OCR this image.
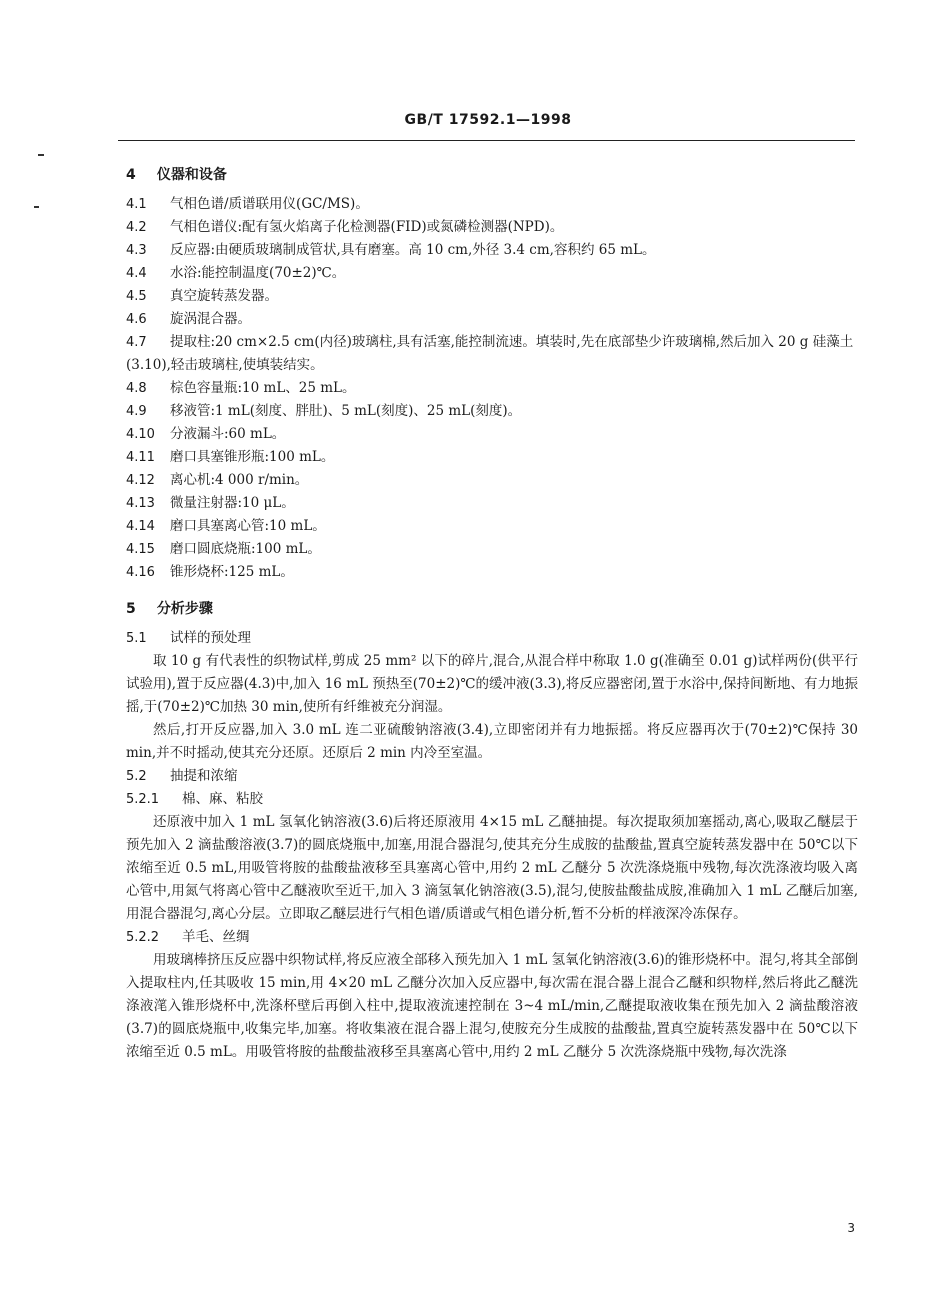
GB/T 17592.1—1998
4 仪器和设备
4.1	气相色谱/质谱联用仪(GC/MS)。
4.2	气相色谱仪:配有氢火焰离子化检测器(FID)或氮磷检测器(NPD)。
4.3	反应器:由硬质玻璃制成管状,具有磨塞。高 10 cm,外径 3.4 cm,容积约 65 mL。
4.4	水浴:能控制温度(70±2)℃。
4.5	真空旋转蒸发器。
4.6	旋涡混合器。
4.7 提取柱:20 cm×2.5 cm(内径)玻璃柱,具有活塞,能控制流速。填装时,先在底部垫少许玻璃棉,然后加入 20 g 硅藻土(3.10),轻击玻璃柱,使填装结实。
4.8	棕色容量瓶:10 mL、25 mL。
4.9	移液管:1 mL(刻度、胖肚)、5 mL(刻度)、25 mL(刻度)。
4.10	分液漏斗:60 mL。
4.11	磨口具塞锥形瓶:100 mL。
4.12	离心机:4 000 r/min。
4.13	微量注射器:10 μL。
4.14	磨口具塞离心管:10 mL。
4.15	磨口圆底烧瓶:100 mL。
4.16	锥形烧杯:125 mL。
5 分析步骤
5.1 试样的预处理
取 10 g 有代表性的织物试样,剪成 25 mm² 以下的碎片,混合,从混合样中称取 1.0 g(准确至 0.01 g)试样两份(供平行试验用),置于反应器(4.3)中,加入 16 mL 预热至(70±2)℃的缓冲液(3.3),将反应器密闭,置于水浴中,保持间断地、有力地振摇,于(70±2)℃加热 30 min,使所有纤维被充分润湿。
然后,打开反应器,加入 3.0 mL 连二亚硫酸钠溶液(3.4),立即密闭并有力地振摇。将反应器再次于(70±2)℃保持 30 min,并不时摇动,使其充分还原。还原后 2 min 内冷至室温。
5.2 抽提和浓缩
5.2.1 棉、麻、粘胶
还原液中加入 1 mL 氢氧化钠溶液(3.6)后将还原液用 4×15 mL 乙醚抽提。每次提取须加塞摇动,离心,吸取乙醚层于预先加入 2 滴盐酸溶液(3.7)的圆底烧瓶中,加塞,用混合器混匀,使其充分生成胺的盐酸盐,置真空旋转蒸发器中在 50℃以下浓缩至近 0.5 mL,用吸管将胺的盐酸盐液移至具塞离心管中,用约 2 mL 乙醚分 5 次洗涤烧瓶中残物,每次洗涤液均吸入离心管中,用氮气将离心管中乙醚液吹至近干,加入 3 滴氢氧化钠溶液(3.5),混匀,使胺盐酸盐成胺,准确加入 1 mL 乙醚后加塞,用混合器混匀,离心分层。立即取乙醚层进行气相色谱/质谱或气相色谱分析,暂不分析的样液深冷冻保存。
5.2.2 羊毛、丝绸
用玻璃棒挤压反应器中织物试样,将反应液全部移入预先加入 1 mL 氢氧化钠溶液(3.6)的锥形烧杯中。混匀,将其全部倒入提取柱内,任其吸收 15 min,用 4×20 mL 乙醚分次加入反应器中,每次需在混合器上混合乙醚和织物样,然后将此乙醚洗涤液滗入锥形烧杯中,洗涤杯壁后再倒入柱中,提取液流速控制在 3~4 mL/min,乙醚提取液收集在预先加入 2 滴盐酸溶液(3.7)的圆底烧瓶中,收集完毕,加塞。将收集液在混合器上混匀,使胺充分生成胺的盐酸盐,置真空旋转蒸发器中在 50℃以下浓缩至近 0.5 mL。用吸管将胺的盐酸盐液移至具塞离心管中,用约 2 mL 乙醚分 5 次洗涤烧瓶中残物,每次洗涤
3
